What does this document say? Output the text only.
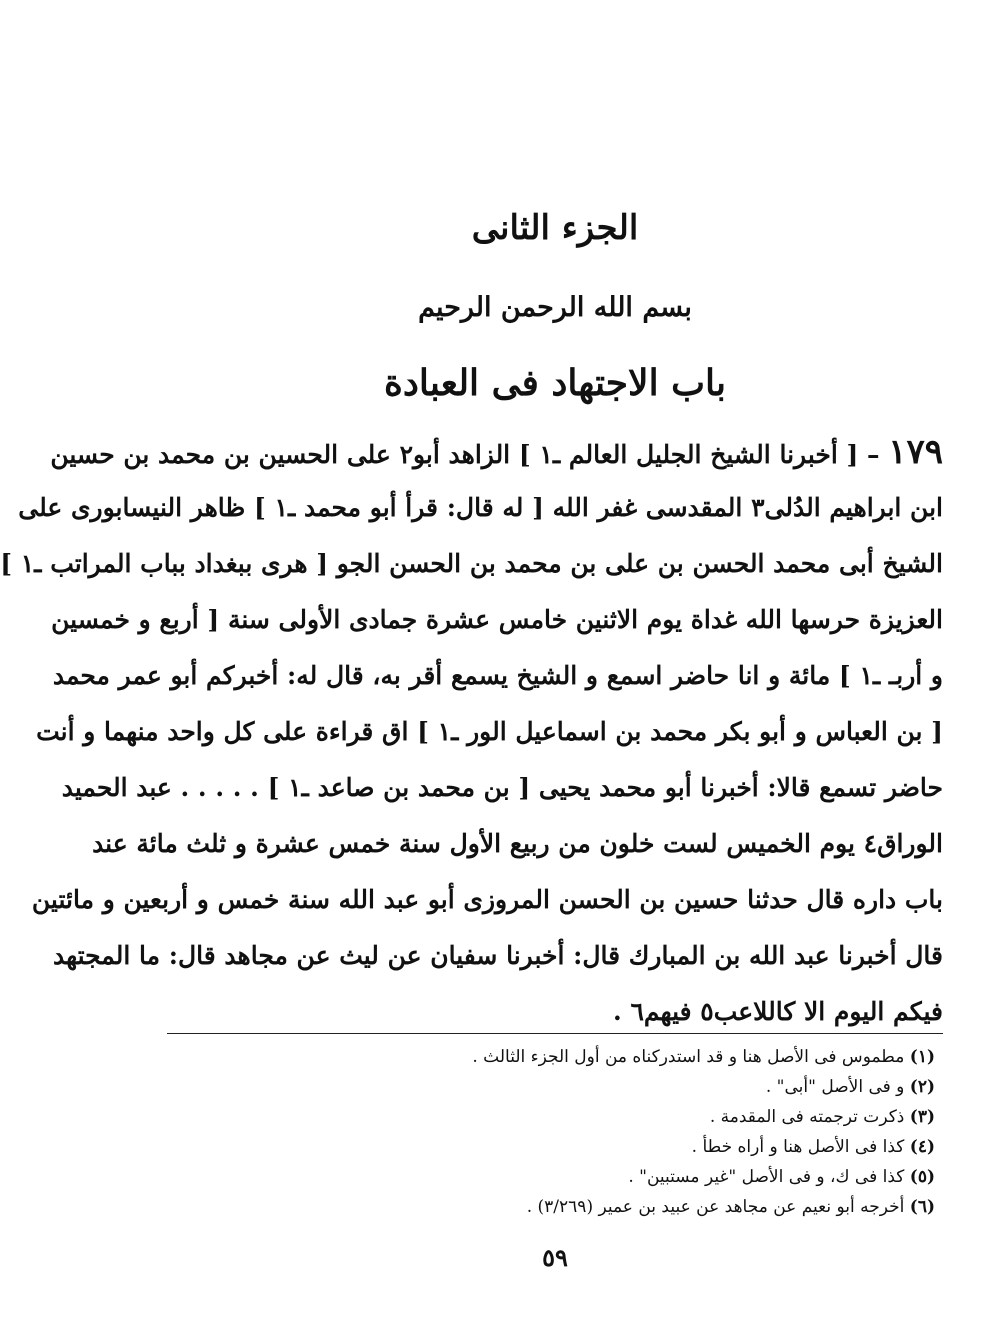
الجزء الثانى
بسم الله الرحمن الرحيم
باب الاجتهاد فى العبادة
١٧٩ – [ أخبرنا الشيخ الجليل العالم ـ١ ] الزاهد أبو٢ على الحسين بن محمد بن حسين
ابن ابراهيم الدُلى٣ المقدسى غفر الله [ له قال: قرأ أبو محمد ـ١ ] ظاهر النيسابورى على
الشيخ أبى محمد الحسن بن على بن محمد بن الحسن الجو [ هرى ببغداد بباب المراتب ـ١ ]
العزيزة حرسها الله غداة يوم الاثنين خامس عشرة جمادى الأولى سنة [ أربع و خمسين
و أربـ ـ١ ] مائة و انا حاضر اسمع و الشيخ يسمع أقر به، قال له: أخبركم أبو عمر محمد
[ بن العباس و أبو بكر محمد بن اسماعيل الور ـ١ ] اق قراءة على كل واحد منهما و أنت
حاضر تسمع قالا: أخبرنا أبو محمد يحيى [ بن محمد بن صاعد ـ١ ] . . . . . عبد الحميد
الوراق٤ يوم الخميس لست خلون من ربيع الأول سنة خمس عشرة و ثلث مائة عند
باب داره قال حدثنا حسين بن الحسن المروزى أبو عبد الله سنة خمس و أربعين و مائتين
قال أخبرنا عبد الله بن المبارك قال: أخبرنا سفيان عن ليث عن مجاهد قال: ما المجتهد
فيكم اليوم الا كاللاعب٥ فيهم٦ .
(١) مطموس فى الأصل هنا و قد استدركناه من أول الجزء الثالث .
(٢) و فى الأصل "أبى" .
(٣) ذكرت ترجمته فى المقدمة .
(٤) كذا فى الأصل هنا و أراه خطأ .
(٥) كذا فى ك، و فى الأصل "غير مستبين" .
(٦) أخرجه أبو نعيم عن مجاهد عن عبيد بن عمير (٣/٢٦٩) .
٥٩
